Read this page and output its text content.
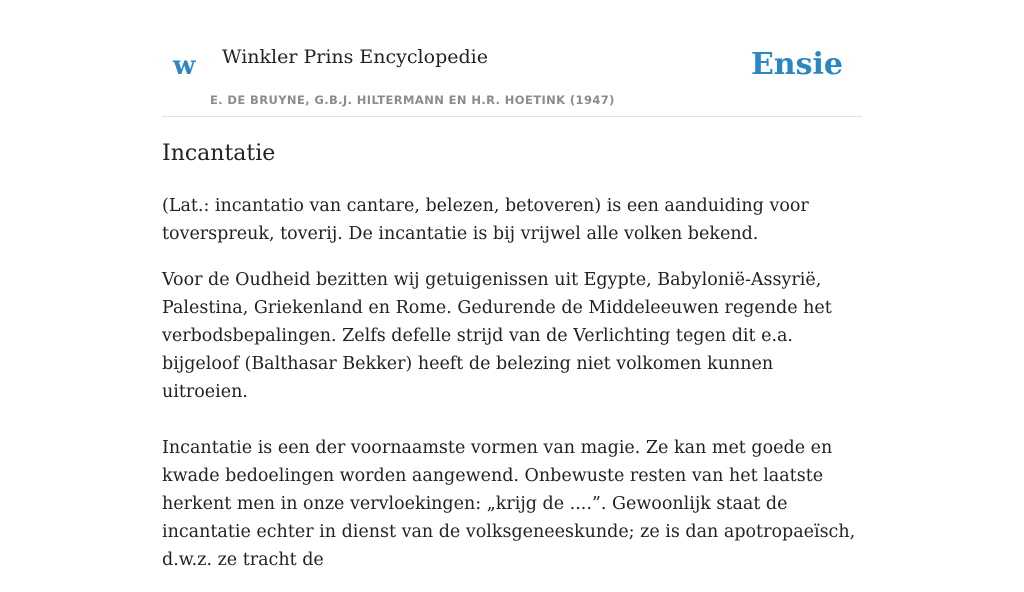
w Winkler Prins Encyclopedie
E. DE BRUYNE, G.B.J. HILTERMANN EN H.R. HOETINK (1947)
Ensie
Incantatie

(Lat.: incantatio van cantare, belezen, betoveren) is een aanduiding voor toverspreuk, toverij. De incantatie is bij vrijwel alle volken bekend.

Voor de Oudheid bezitten wij getuigenissen uit Egypte, Babylonië-Assyrië, Palestina, Griekenland en Rome. Gedurende de Middeleeuwen regende het verbodsbepalingen. Zelfs defelle strijd van de Verlichting tegen dit e.a. bijgeloof (Balthasar Bekker) heeft de belezing niet volkomen kunnen uitroeien.

Incantatie is een der voornaamste vormen van magie. Ze kan met goede en kwade bedoelingen worden aangewend. Onbewuste resten van het laatste herkent men in onze vervloekingen: „krijg de ....”. Gewoonlijk staat de incantatie echter in dienst van de volksgeneeskunde; ze is dan apotropaeïsch, d.w.z. ze tracht de
